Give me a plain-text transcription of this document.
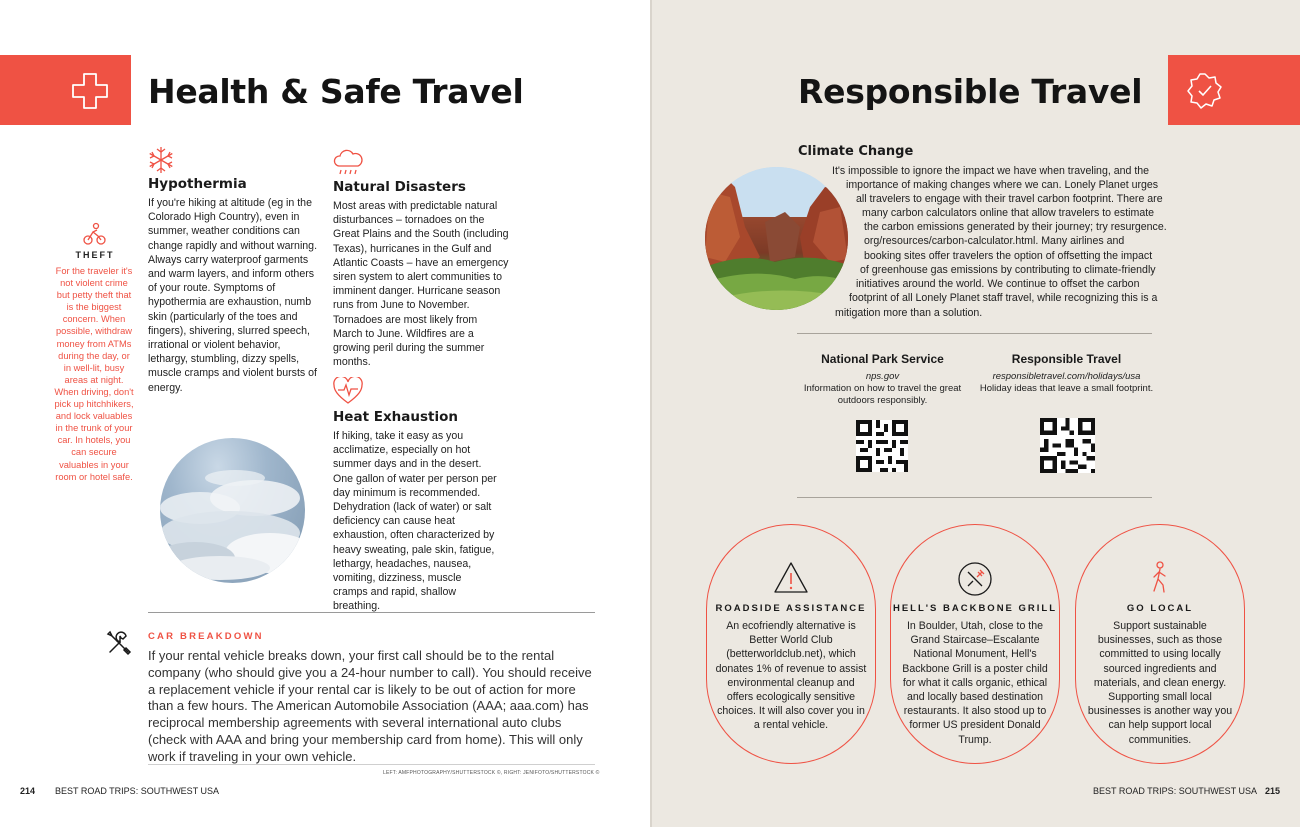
Health & Safe Travel
THEFT
For the traveler it's not violent crime but petty theft that is the biggest concern. When possible, withdraw money from ATMs during the day, or in well-lit, busy areas at night. When driving, don't pick up hitchhikers, and lock valuables in the trunk of your car. In hotels, you can secure valuables in your room or hotel safe.
Hypothermia
If you're hiking at altitude (eg in the Colorado High Country), even in summer, weather conditions can change rapidly and without warning. Always carry waterproof garments and warm layers, and inform others of your route. Symptoms of hypothermia are exhaustion, numb skin (particularly of the toes and fingers), shivering, slurred speech, irrational or violent behavior, lethargy, stumbling, dizzy spells, muscle cramps and violent bursts of energy.
Natural Disasters
Most areas with predictable natural disturbances – tornadoes on the Great Plains and the South (including Texas), hurricanes in the Gulf and Atlantic Coasts – have an emergency siren system to alert communities to imminent danger. Hurricane season runs from June to November. Tornadoes are most likely from March to June. Wildfires are a growing peril during the summer months.
Heat Exhaustion
If hiking, take it easy as you acclimatize, especially on hot summer days and in the desert. One gallon of water per person per day minimum is recommended. Dehydration (lack of water) or salt deficiency can cause heat exhaustion, often characterized by heavy sweating, pale skin, fatigue, lethargy, headaches, nausea, vomiting, dizziness, muscle cramps and rapid, shallow breathing.
CAR BREAKDOWN
If your rental vehicle breaks down, your first call should be to the rental company (who should give you a 24-hour number to call). You should receive a replacement vehicle if your rental car is likely to be out of action for more than a few hours. The American Automobile Association (AAA; aaa.com) has reciprocal membership agreements with several international auto clubs (check with AAA and bring your membership card from home). This will only work if traveling in your own vehicle.
LEFT: AMFPHOTOGRAPHY/SHUTTERSTOCK ©, RIGHT: JENIFOTO/SHUTTERSTOCK ©
214 BEST ROAD TRIPS: SOUTHWEST USA
Responsible Travel
Climate Change
It's impossible to ignore the impact we have when traveling, and the
importance of making changes where we can. Lonely Planet urges
all travelers to engage with their travel carbon footprint. There are
many carbon calculators online that allow travelers to estimate
the carbon emissions generated by their journey; try resurgence.
org/resources/carbon-calculator.html. Many airlines and
booking sites offer travelers the option of offsetting the impact
of greenhouse gas emissions by contributing to climate-friendly
initiatives around the world. We continue to offset the carbon
footprint of all Lonely Planet staff travel, while recognizing this is a
mitigation more than a solution.
National Park Service
nps.gov
Information on how to travel the great outdoors responsibly.
Responsible Travel
responsibletravel.com/holidays/usa
Holiday ideas that leave a small footprint.
ROADSIDE ASSISTANCE
An ecofriendly alternative is Better World Club (betterworldclub.net), which donates 1% of revenue to assist environmental cleanup and offers ecologically sensitive choices. It will also cover you in a rental vehicle.
HELL'S BACKBONE GRILL
In Boulder, Utah, close to the Grand Staircase–Escalante National Monument, Hell's Backbone Grill is a poster child for what it calls organic, ethical and locally based destination restaurants. It also stood up to former US president Donald Trump.
GO LOCAL
Support sustainable businesses, such as those committed to using locally sourced ingredients and materials, and clean energy. Supporting small local businesses is another way you can help support local communities.
BEST ROAD TRIPS: SOUTHWEST USA 215
